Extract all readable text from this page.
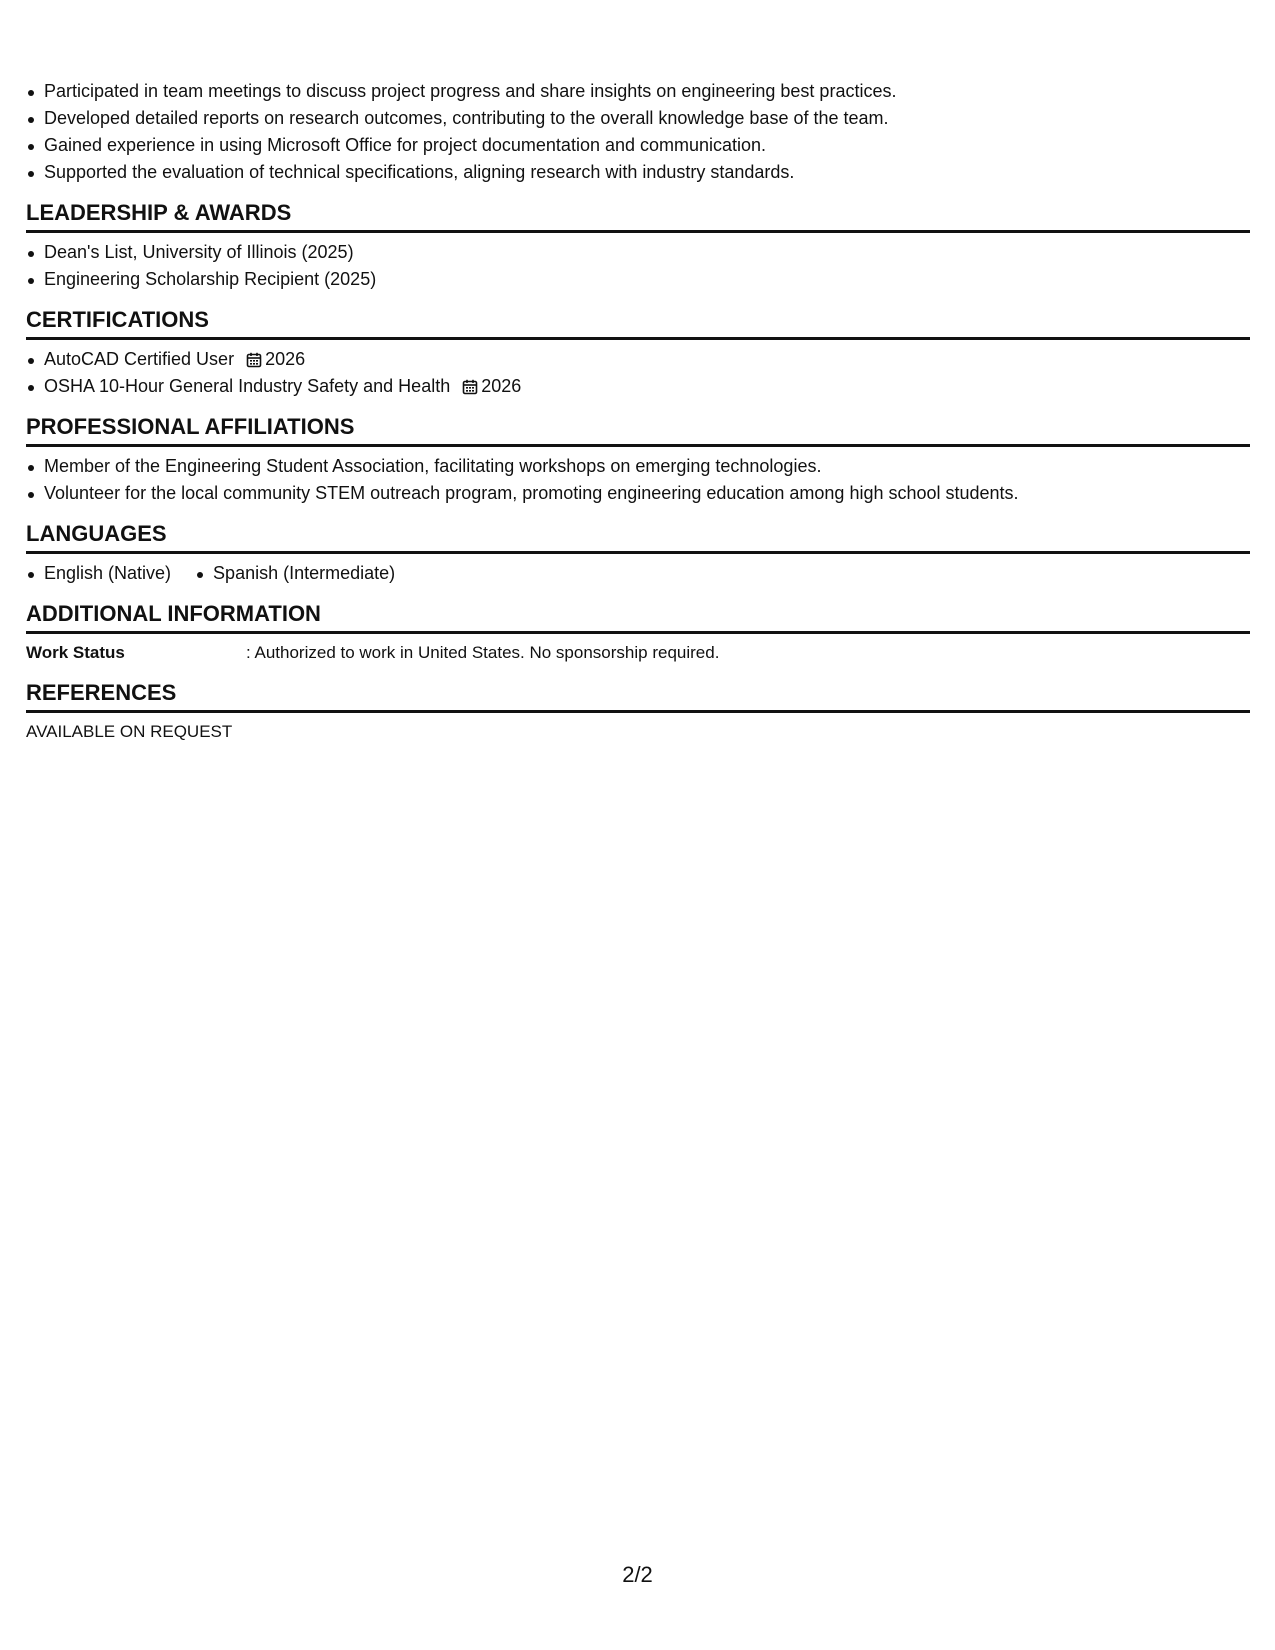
Participated in team meetings to discuss project progress and share insights on engineering best practices.
Developed detailed reports on research outcomes, contributing to the overall knowledge base of the team.
Gained experience in using Microsoft Office for project documentation and communication.
Supported the evaluation of technical specifications, aligning research with industry standards.
LEADERSHIP & AWARDS
Dean's List, University of Illinois (2025)
Engineering Scholarship Recipient (2025)
CERTIFICATIONS
AutoCAD Certified User 2026
OSHA 10-Hour General Industry Safety and Health 2026
PROFESSIONAL AFFILIATIONS
Member of the Engineering Student Association, facilitating workshops on emerging technologies.
Volunteer for the local community STEM outreach program, promoting engineering education among high school students.
LANGUAGES
English (Native)	Spanish (Intermediate)
ADDITIONAL INFORMATION
Work Status	: Authorized to work in United States. No sponsorship required.
REFERENCES
AVAILABLE ON REQUEST
2/2
